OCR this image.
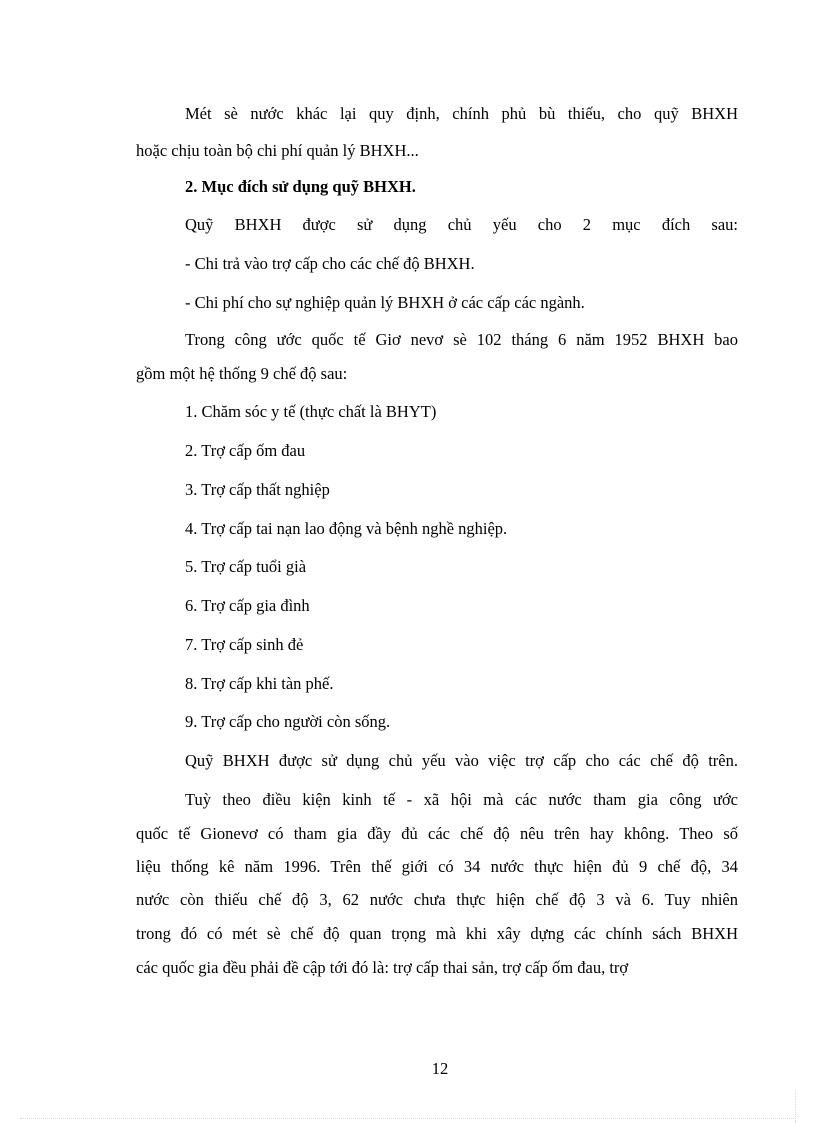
Mét sè nước khác lại quy định, chính phủ bù thiếu, cho quỹ BHXH
hoặc chịu toàn bộ chi phí quản lý BHXH...
2. Mục đích sử dụng quỹ BHXH.
Quỹ BHXH được sử dụng chủ yếu cho 2 mục đích sau:
- Chi trả vào trợ cấp cho các chế độ BHXH.
- Chi phí cho sự nghiệp quản lý BHXH ở các cấp các ngành.
Trong công ước quốc tế Giơ nevơ sè 102 tháng 6 năm 1952 BHXH bao
gồm một hệ thống 9 chế độ sau:
1. Chăm sóc y tế (thực chất là BHYT)
2. Trợ cấp ốm đau
3. Trợ cấp thất nghiệp
4. Trợ cấp tai nạn lao động và bệnh nghề nghiệp.
5. Trợ cấp tuổi già
6. Trợ cấp gia đình
7. Trợ cấp sinh đẻ
8. Trợ cấp khi tàn phế.
9. Trợ cấp cho người còn sống.
Quỹ BHXH được sử dụng chủ yếu vào việc trợ cấp cho các chế độ trên.
Tuỳ theo điều kiện kinh tế - xã hội mà các nước tham gia công ước
quốc tế Gionevơ có tham gia đầy đủ các chế độ nêu trên hay không. Theo số
liệu thống kê năm 1996. Trên thế giới có 34 nước thực hiện đủ 9 chế độ, 34
nước còn thiếu chế độ 3, 62 nước chưa thực hiện chế độ 3 và 6. Tuy nhiên
trong đó có mét sè chế độ quan trọng mà khi xây dựng các chính sách BHXH
các quốc gia đều phải đề cập tới đó là: trợ cấp thai sản, trợ cấp ốm đau, trợ
12
